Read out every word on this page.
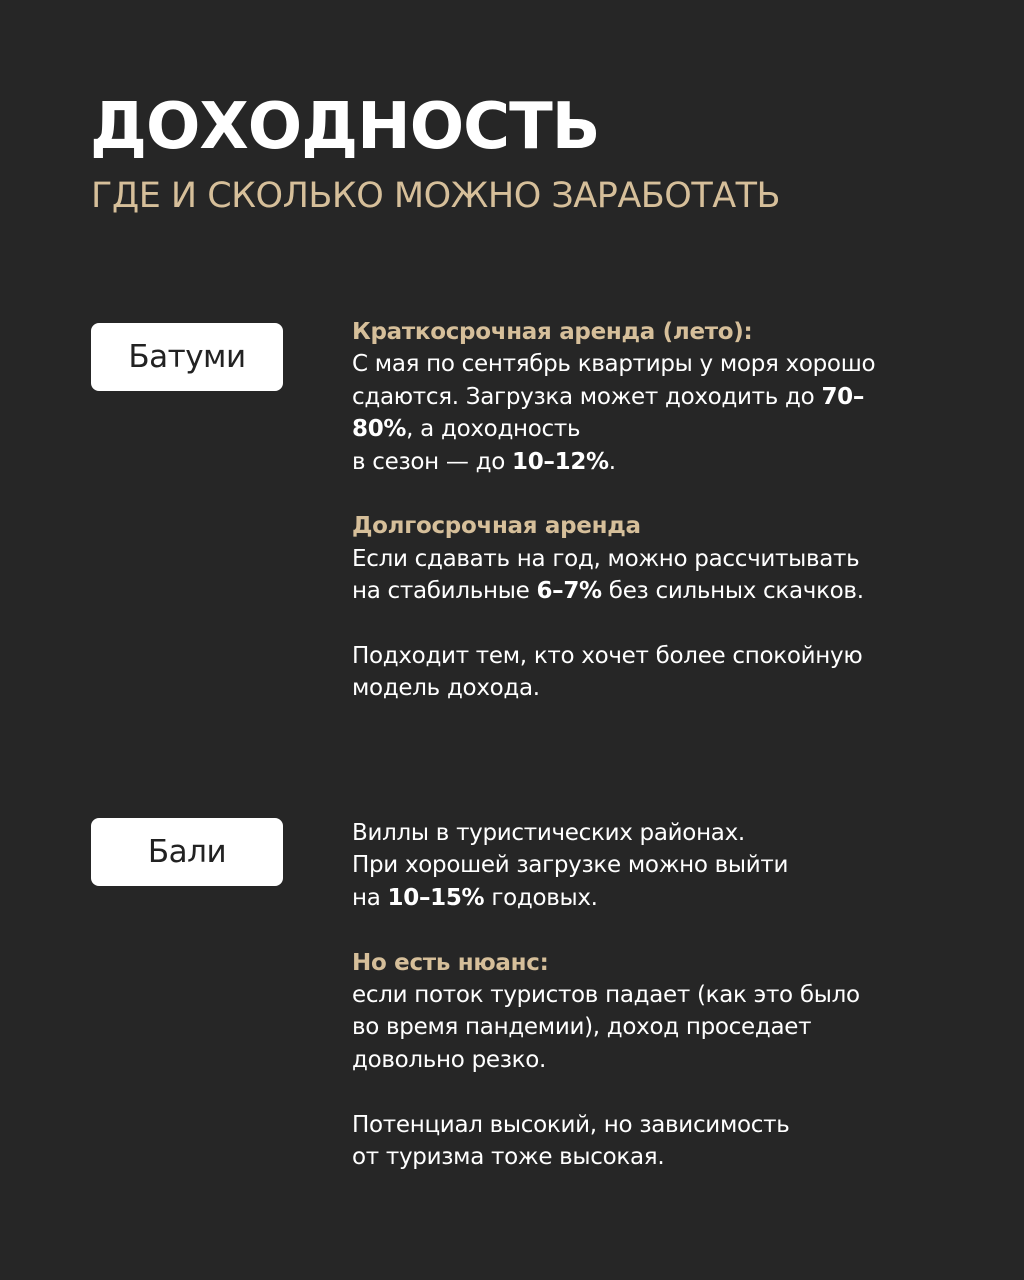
ДОХОДНОСТЬ
ГДЕ И СКОЛЬКО МОЖНО ЗАРАБОТАТЬ
Батуми

Краткосрочная аренда (лето):

С мая по сентябрь квартиры у моря хорошо

сдаются. Загрузка может доходить до 70–

80%, а доходность

в сезон — до 10–12%.

Долгосрочная аренда

Если сдавать на год, можно рассчитывать

на стабильные 6–7% без сильных скачков.

Подходит тем, кто хочет более спокойную

модель дохода.

Бали

Виллы в туристических районах.

При хорошей загрузке можно выйти

на 10–15% годовых.

Но есть нюанс:

если поток туристов падает (как это было

во время пандемии), доход проседает

довольно резко.

Потенциал высокий, но зависимость

от туризма тоже высокая.
